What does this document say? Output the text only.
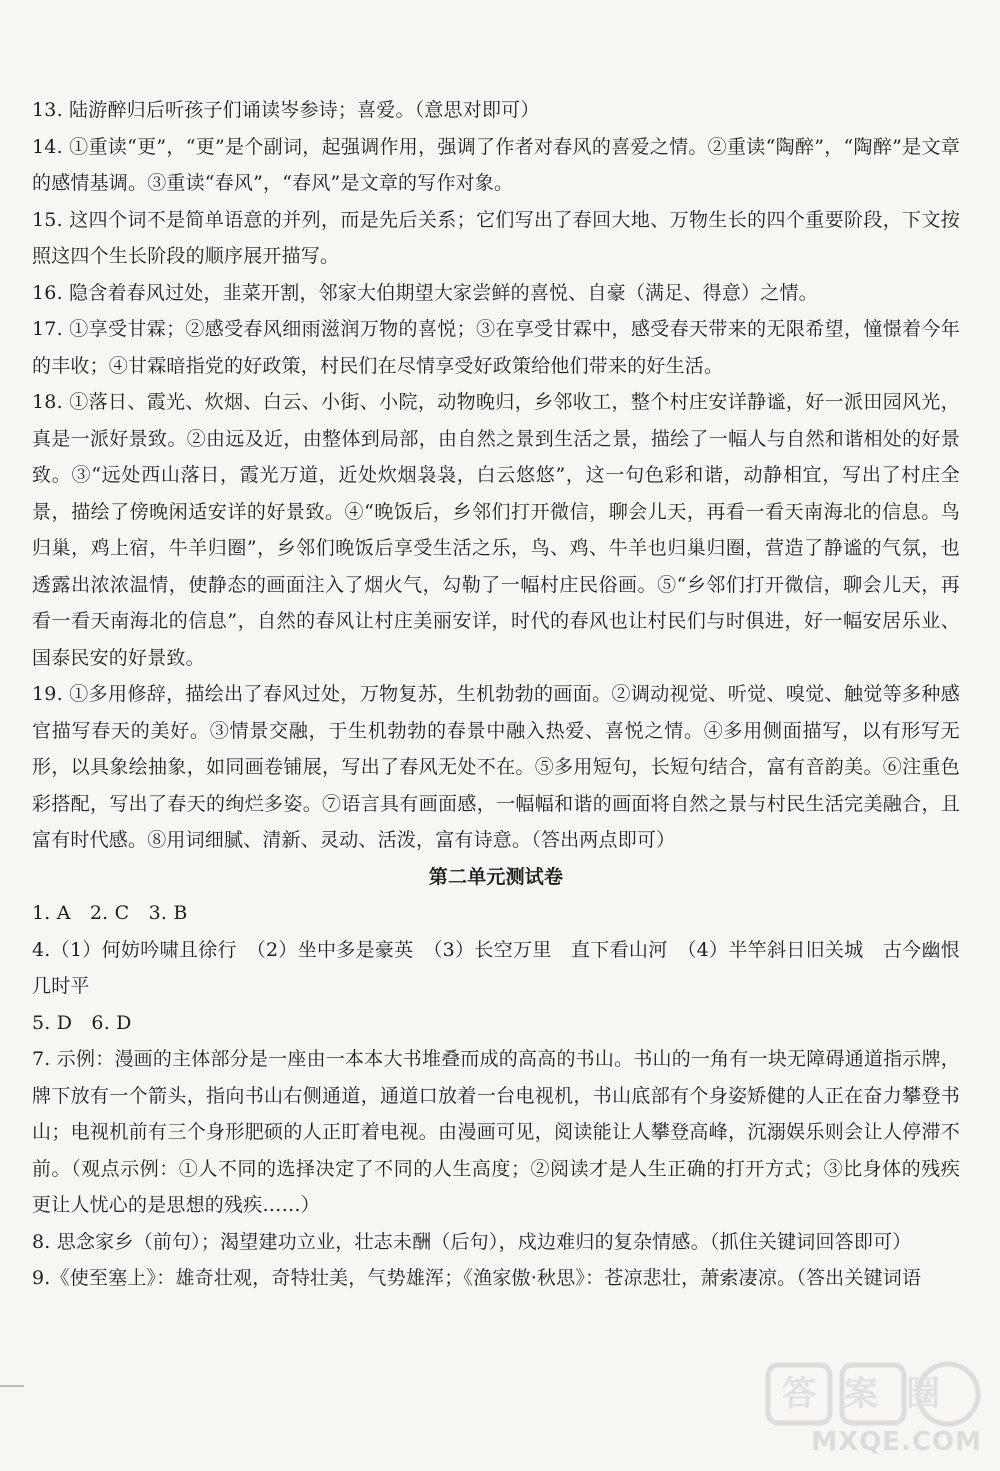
13. 陆游醉归后听孩子们诵读岑参诗；喜爱。（意思对即可）

14. ①重读“更”，“更”是个副词，起强调作用，强调了作者对春风的喜爱之情。②重读“陶醉”，“陶醉”是文章的感情基调。③重读“春风”，“春风”是文章的写作对象。

15. 这四个词不是简单语意的并列，而是先后关系；它们写出了春回大地、万物生长的四个重要阶段，下文按照这四个生长阶段的顺序展开描写。

16. 隐含着春风过处，韭菜开割，邻家大伯期望大家尝鲜的喜悦、自豪（满足、得意）之情。

17. ①享受甘霖；②感受春风细雨滋润万物的喜悦；③在享受甘霖中，感受春天带来的无限希望，憧憬着今年的丰收；④甘霖暗指党的好政策，村民们在尽情享受好政策给他们带来的好生活。

18. ①落日、霞光、炊烟、白云、小街、小院，动物晚归，乡邻收工，整个村庄安详静谧，好一派田园风光，真是一派好景致。②由远及近，由整体到局部，由自然之景到生活之景，描绘了一幅人与自然和谐相处的好景致。③“远处西山落日，霞光万道，近处炊烟袅袅，白云悠悠”，这一句色彩和谐，动静相宜，写出了村庄全景，描绘了傍晚闲适安详的好景致。④“晚饭后，乡邻们打开微信，聊会儿天，再看一看天南海北的信息。鸟归巢，鸡上宿，牛羊归圈”，乡邻们晚饭后享受生活之乐，鸟、鸡、牛羊也归巢归圈，营造了静谧的气氛，也透露出浓浓温情，使静态的画面注入了烟火气，勾勒了一幅村庄民俗画。⑤“乡邻们打开微信，聊会儿天，再看一看天南海北的信息”，自然的春风让村庄美丽安详，时代的春风也让村民们与时俱进，好一幅安居乐业、国泰民安的好景致。

19. ①多用修辞，描绘出了春风过处，万物复苏，生机勃勃的画面。②调动视觉、听觉、嗅觉、触觉等多种感官描写春天的美好。③情景交融，于生机勃勃的春景中融入热爱、喜悦之情。④多用侧面描写，以有形写无形，以具象绘抽象，如同画卷铺展，写出了春风无处不在。⑤多用短句，长短句结合，富有音韵美。⑥注重色彩搭配，写出了春天的绚烂多姿。⑦语言具有画面感，一幅幅和谐的画面将自然之景与村民生活完美融合，且富有时代感。⑧用词细腻、清新、灵动、活泼，富有诗意。（答出两点即可）

第二单元测试卷

1. A　2. C　3. B

4.（1）何妨吟啸且徐行　（2）坐中多是豪英　（3）长空万里　直下看山河　（4）半竿斜日旧关城　古今幽恨几时平

5. D　6. D

7. 示例：漫画的主体部分是一座由一本本大书堆叠而成的高高的书山。书山的一角有一块无障碍通道指示牌，牌下放有一个箭头，指向书山右侧通道，通道口放着一台电视机，书山底部有个身姿矫健的人正在奋力攀登书山；电视机前有三个身形肥硕的人正盯着电视。由漫画可见，阅读能让人攀登高峰，沉溺娱乐则会让人停滞不前。（观点示例：①人不同的选择决定了不同的人生高度；②阅读才是人生正确的打开方式；③比身体的残疾更让人忧心的是思想的残疾……）

8. 思念家乡（前句）；渴望建功立业，壮志未酬（后句），戍边难归的复杂情感。（抓住关键词回答即可）

9.《使至塞上》：雄奇壮观，奇特壮美，气势雄浑；《渔家傲·秋思》：苍凉悲壮，萧索凄凉。（答出关键词语

答案圈
MXQE.COM
